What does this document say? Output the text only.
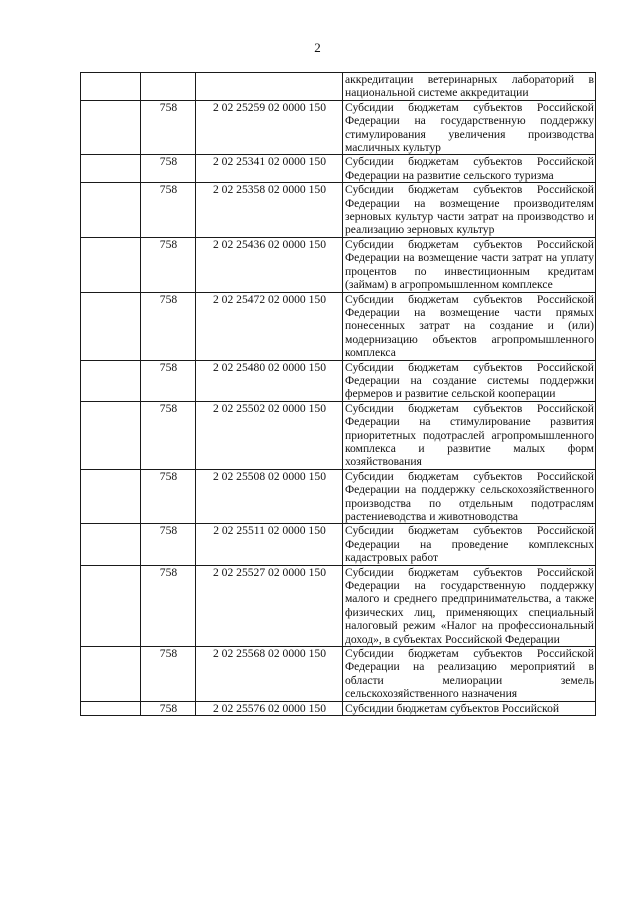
2
			аккредитации ветеринарных лабораторий в национальной системе аккредитации
	758	2 02 25259 02 0000 150	Субсидии бюджетам субъектов Российской Федерации на государственную поддержку стимулирования увеличения производства масличных культур
	758	2 02 25341 02 0000 150	Субсидии бюджетам субъектов Российской Федерации на развитие сельского туризма
	758	2 02 25358 02 0000 150	Субсидии бюджетам субъектов Российской Федерации на возмещение производителям зерновых культур части затрат на производство и реализацию зерновых культур
	758	2 02 25436 02 0000 150	Субсидии бюджетам субъектов Российской Федерации на возмещение части затрат на уплату процентов по инвестиционным кредитам (займам) в агропромышленном комплексе
	758	2 02 25472 02 0000 150	Субсидии бюджетам субъектов Российской Федерации на возмещение части прямых понесенных затрат на создание и (или) модернизацию объектов агропромышленного комплекса
	758	2 02 25480 02 0000 150	Субсидии бюджетам субъектов Российской Федерации на создание системы поддержки фермеров и развитие сельской кооперации
	758	2 02 25502 02 0000 150	Субсидии бюджетам субъектов Российской Федерации на стимулирование развития приоритетных подотраслей агропромышленного комплекса и развитие малых форм хозяйствования
	758	2 02 25508 02 0000 150	Субсидии бюджетам субъектов Российской Федерации на поддержку сельскохозяйственного производства по отдельным подотраслям растениеводства и животноводства
	758	2 02 25511 02 0000 150	Субсидии бюджетам субъектов Российской Федерации на проведение комплексных кадастровых работ
	758	2 02 25527 02 0000 150	Субсидии бюджетам субъектов Российской Федерации на государственную поддержку малого и среднего предпринимательства, а также физических лиц, применяющих специальный налоговый режим «Налог на профессиональный доход», в субъектах Российской Федерации
	758	2 02 25568 02 0000 150	Субсидии бюджетам субъектов Российской Федерации на реализацию мероприятий в области мелиорации земель сельскохозяйственного назначения
	758	2 02 25576 02 0000 150	Субсидии бюджетам субъектов Российской
